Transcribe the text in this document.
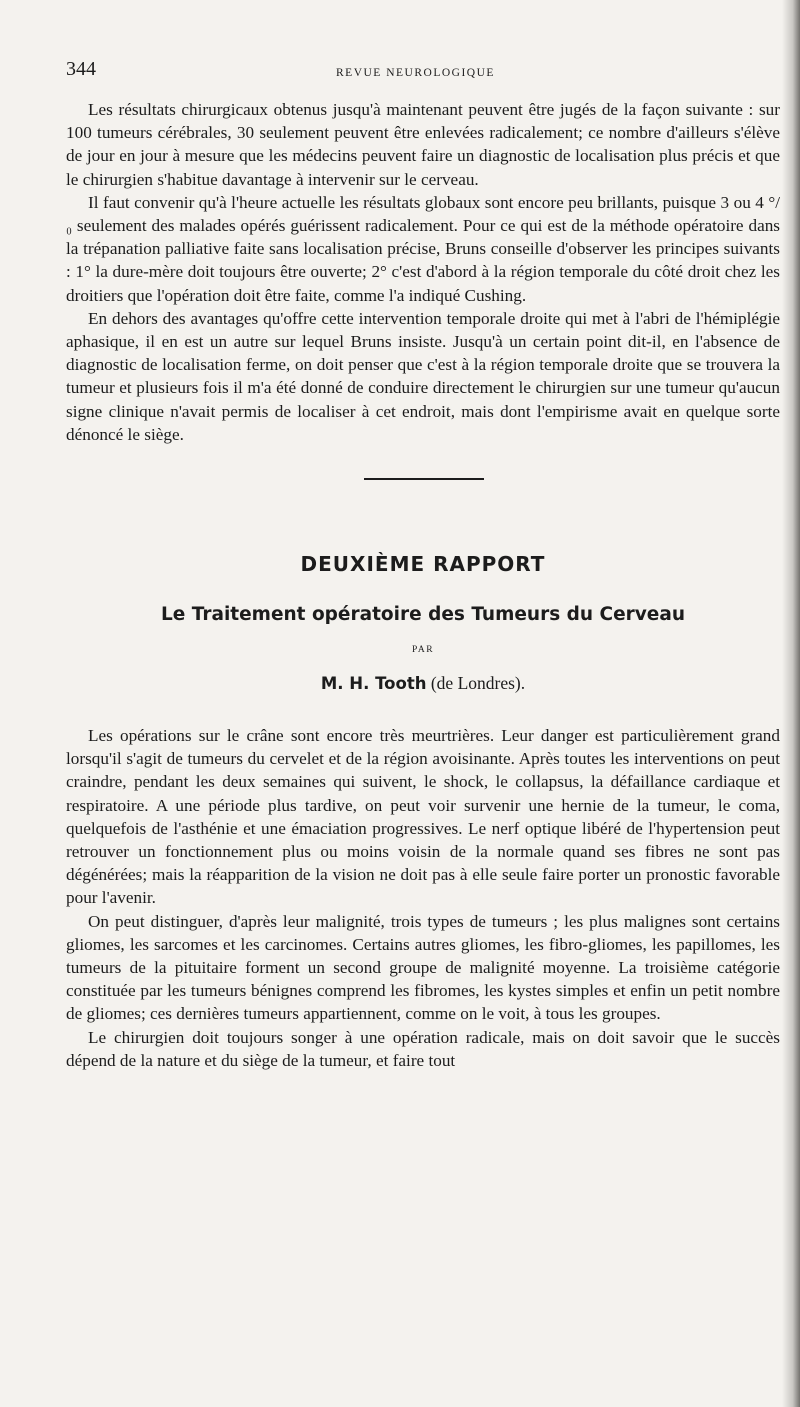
344	REVUE NEUROLOGIQUE

Les résultats chirurgicaux obtenus jusqu'à maintenant peuvent être jugés de la façon suivante : sur 100 tumeurs cérébrales, 30 seulement peuvent être enlevées radicalement; ce nombre d'ailleurs s'élève de jour en jour à mesure que les médecins peuvent faire un diagnostic de localisation plus précis et que le chirurgien s'habitue davantage à intervenir sur le cerveau.

Il faut convenir qu'à l'heure actuelle les résultats globaux sont encore peu brillants, puisque 3 ou 4 °/₀ seulement des malades opérés guérissent radicalement. Pour ce qui est de la méthode opératoire dans la trépanation palliative faite sans localisation précise, Bruns conseille d'observer les principes suivants : 1° la dure-mère doit toujours être ouverte; 2° c'est d'abord à la région temporale du côté droit chez les droitiers que l'opération doit être faite, comme l'a indiqué Cushing.

En dehors des avantages qu'offre cette intervention temporale droite qui met à l'abri de l'hémiplégie aphasique, il en est un autre sur lequel Bruns insiste. Jusqu'à un certain point dit-il, en l'absence de diagnostic de localisation ferme, on doit penser que c'est à la région temporale droite que se trouvera la tumeur et plusieurs fois il m'a été donné de conduire directement le chirurgien sur une tumeur qu'aucun signe clinique n'avait permis de localiser à cet endroit, mais dont l'empirisme avait en quelque sorte dénoncé le siège.

DEUXIÈME RAPPORT
Le Traitement opératoire des Tumeurs du Cerveau
PAR
M. H. Tooth (de Londres).

Les opérations sur le crâne sont encore très meurtrières. Leur danger est particulièrement grand lorsqu'il s'agit de tumeurs du cervelet et de la région avoisinante. Après toutes les interventions on peut craindre, pendant les deux semaines qui suivent, le shock, le collapsus, la défaillance cardiaque et respiratoire. A une période plus tardive, on peut voir survenir une hernie de la tumeur, le coma, quelquefois de l'asthénie et une émaciation progressives. Le nerf optique libéré de l'hypertension peut retrouver un fonctionnement plus ou moins voisin de la normale quand ses fibres ne sont pas dégénérées; mais la réapparition de la vision ne doit pas à elle seule faire porter un pronostic favorable pour l'avenir.

On peut distinguer, d'après leur malignité, trois types de tumeurs ; les plus malignes sont certains gliomes, les sarcomes et les carcinomes. Certains autres gliomes, les fibro-gliomes, les papillomes, les tumeurs de la pituitaire forment un second groupe de malignité moyenne. La troisième catégorie constituée par les tumeurs bénignes comprend les fibromes, les kystes simples et enfin un petit nombre de gliomes; ces dernières tumeurs appartiennent, comme on le voit, à tous les groupes.

Le chirurgien doit toujours songer à une opération radicale, mais on doit savoir que le succès dépend de la nature et du siège de la tumeur, et faire tout
